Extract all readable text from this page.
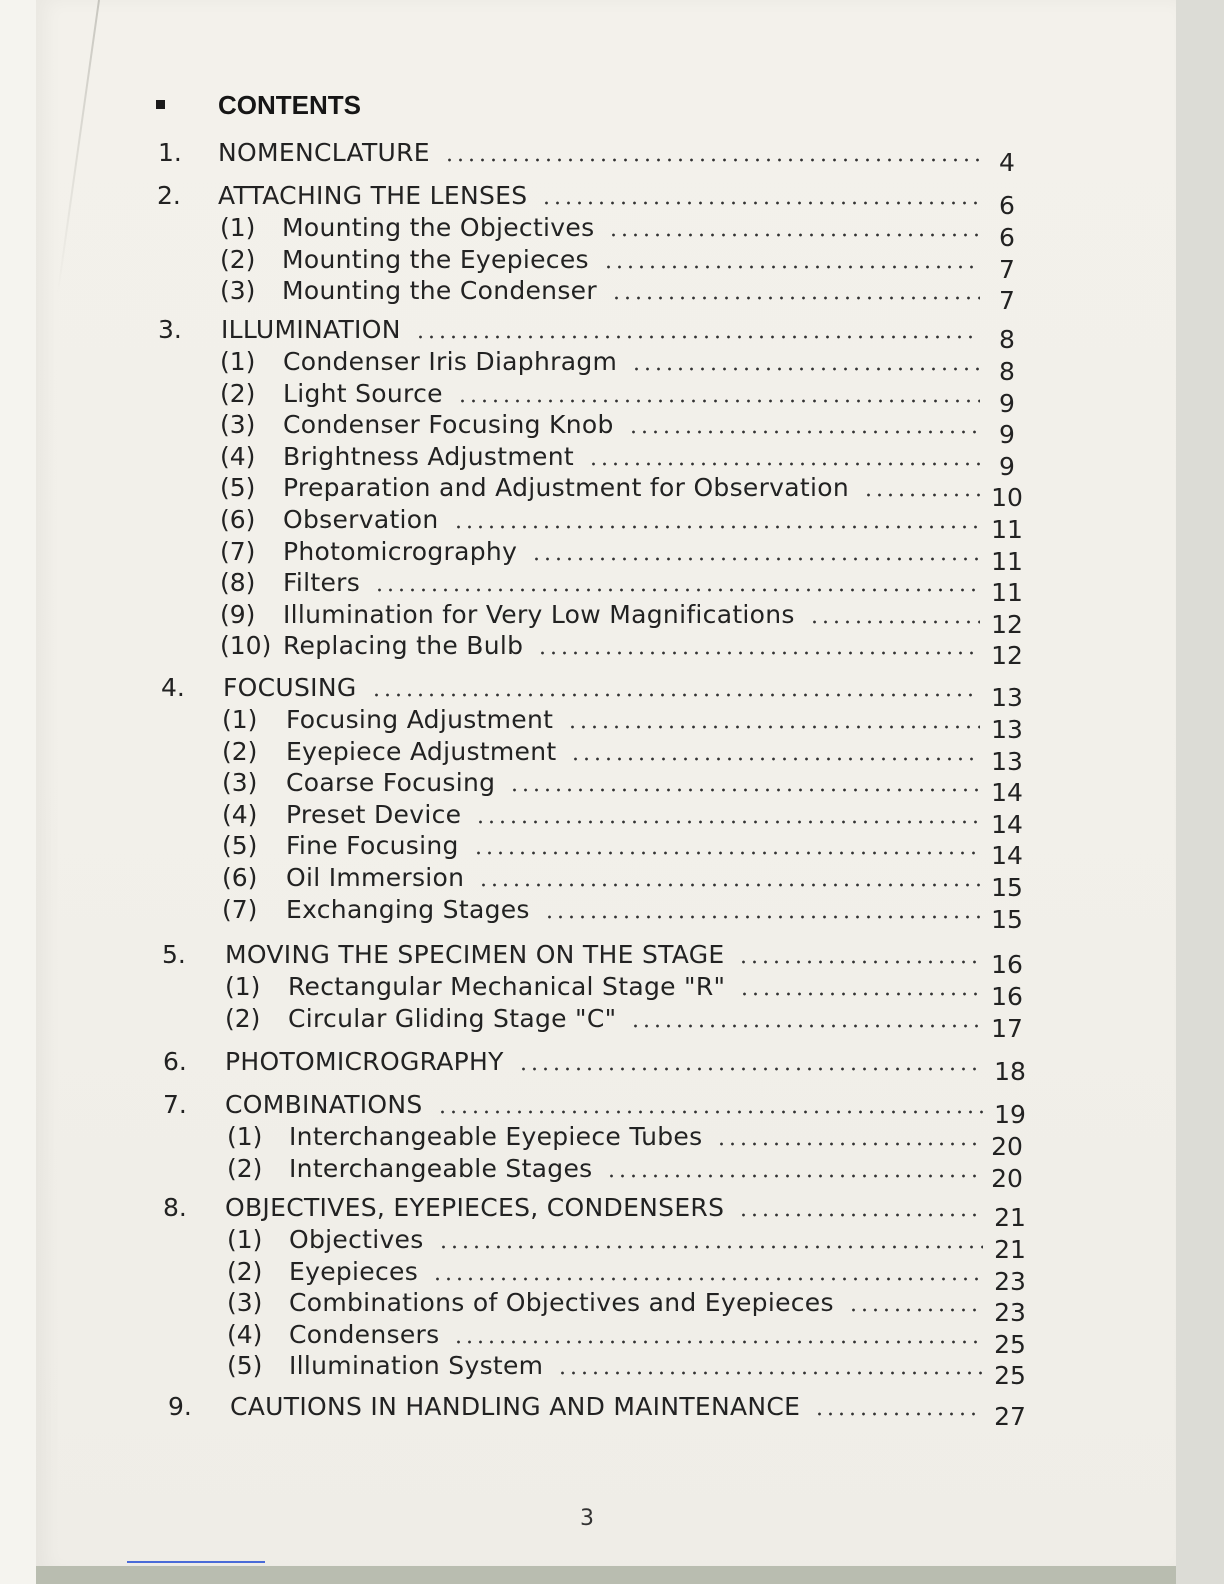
CONTENTS
1. NOMENCLATURE	4
2. ATTACHING THE LENSES	6
(1) Mounting the Objectives	6
(2) Mounting the Eyepieces	7
(3) Mounting the Condenser	7
3. ILLUMINATION	8
(1) Condenser Iris Diaphragm	8
(2) Light Source	9
(3) Condenser Focusing Knob	9
(4) Brightness Adjustment	9
(5) Preparation and Adjustment for Observation	10
(6) Observation	11
(7) Photomicrography	11
(8) Filters	11
(9) Illumination for Very Low Magnifications	12
(10) Replacing the Bulb	12
4. FOCUSING	13
(1) Focusing Adjustment	13
(2) Eyepiece Adjustment	13
(3) Coarse Focusing	14
(4) Preset Device	14
(5) Fine Focusing	14
(6) Oil Immersion	15
(7) Exchanging Stages	15
5. MOVING THE SPECIMEN ON THE STAGE	16
(1) Rectangular Mechanical Stage "R"	16
(2) Circular Gliding Stage "C"	17
6. PHOTOMICROGRAPHY	18
7. COMBINATIONS	19
(1) Interchangeable Eyepiece Tubes	20
(2) Interchangeable Stages	20
8. OBJECTIVES, EYEPIECES, CONDENSERS	21
(1) Objectives	21
(2) Eyepieces	23
(3) Combinations of Objectives and Eyepieces	23
(4) Condensers	25
(5) Illumination System	25
9. CAUTIONS IN HANDLING AND MAINTENANCE	27
3
